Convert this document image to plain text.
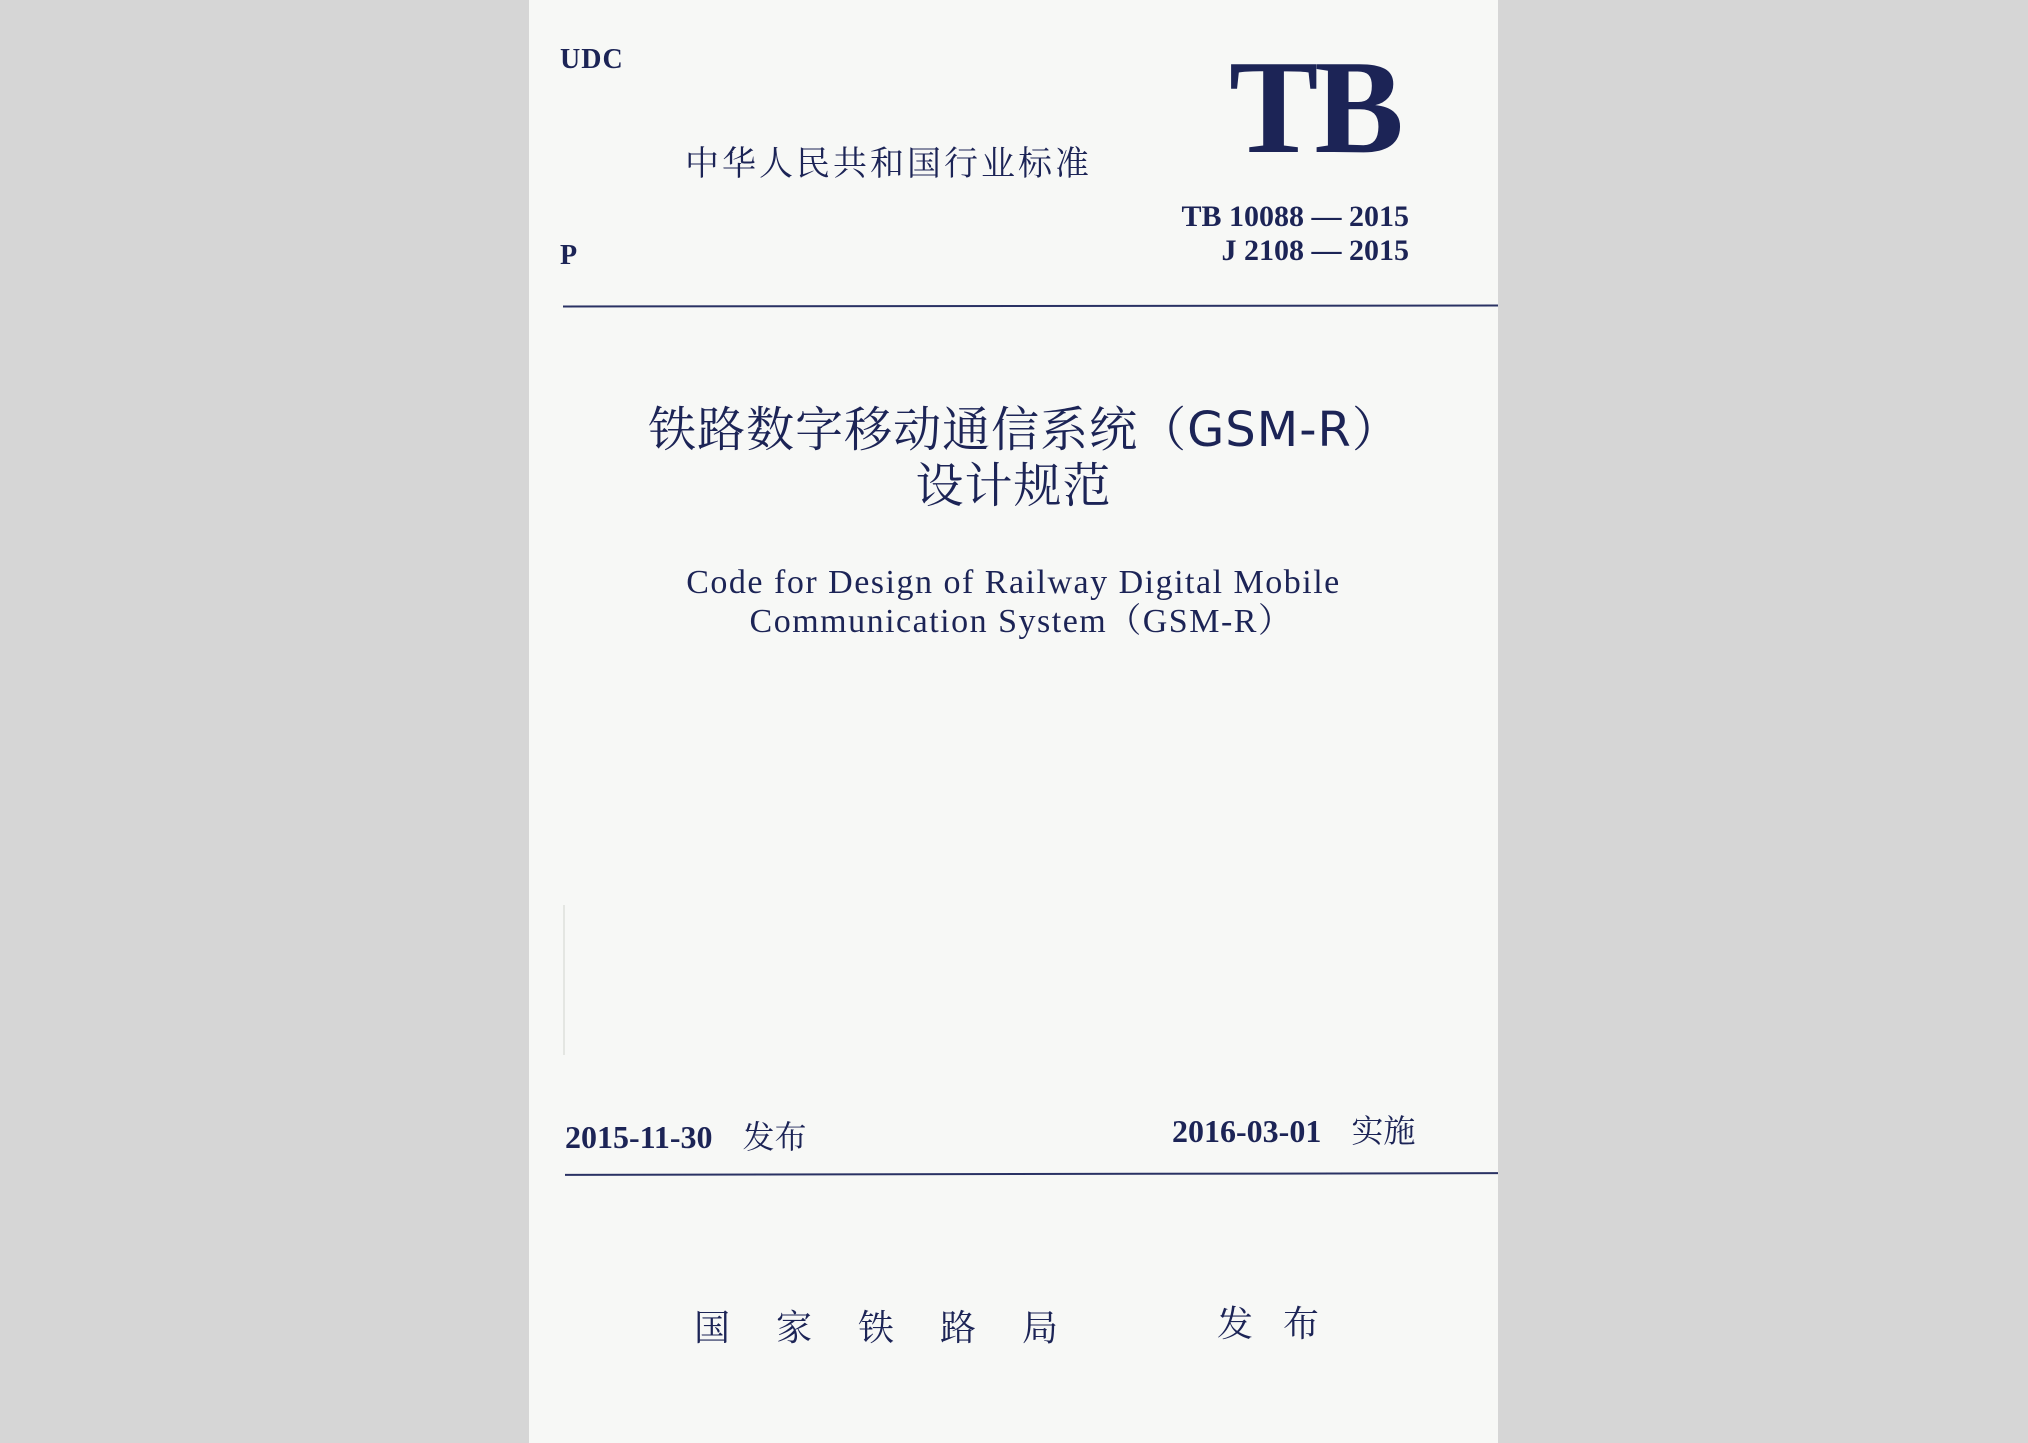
UDC
中华人民共和国行业标准 TB
TB 10088 — 2015
J 2108 — 2015
P
铁路数字移动通信系统（GSM-R）
设计规范
Code for Design of Railway Digital Mobile
Communication System（GSM-R）
2015-11-30 发布	2016-03-01 实施
国家铁路局	发布
